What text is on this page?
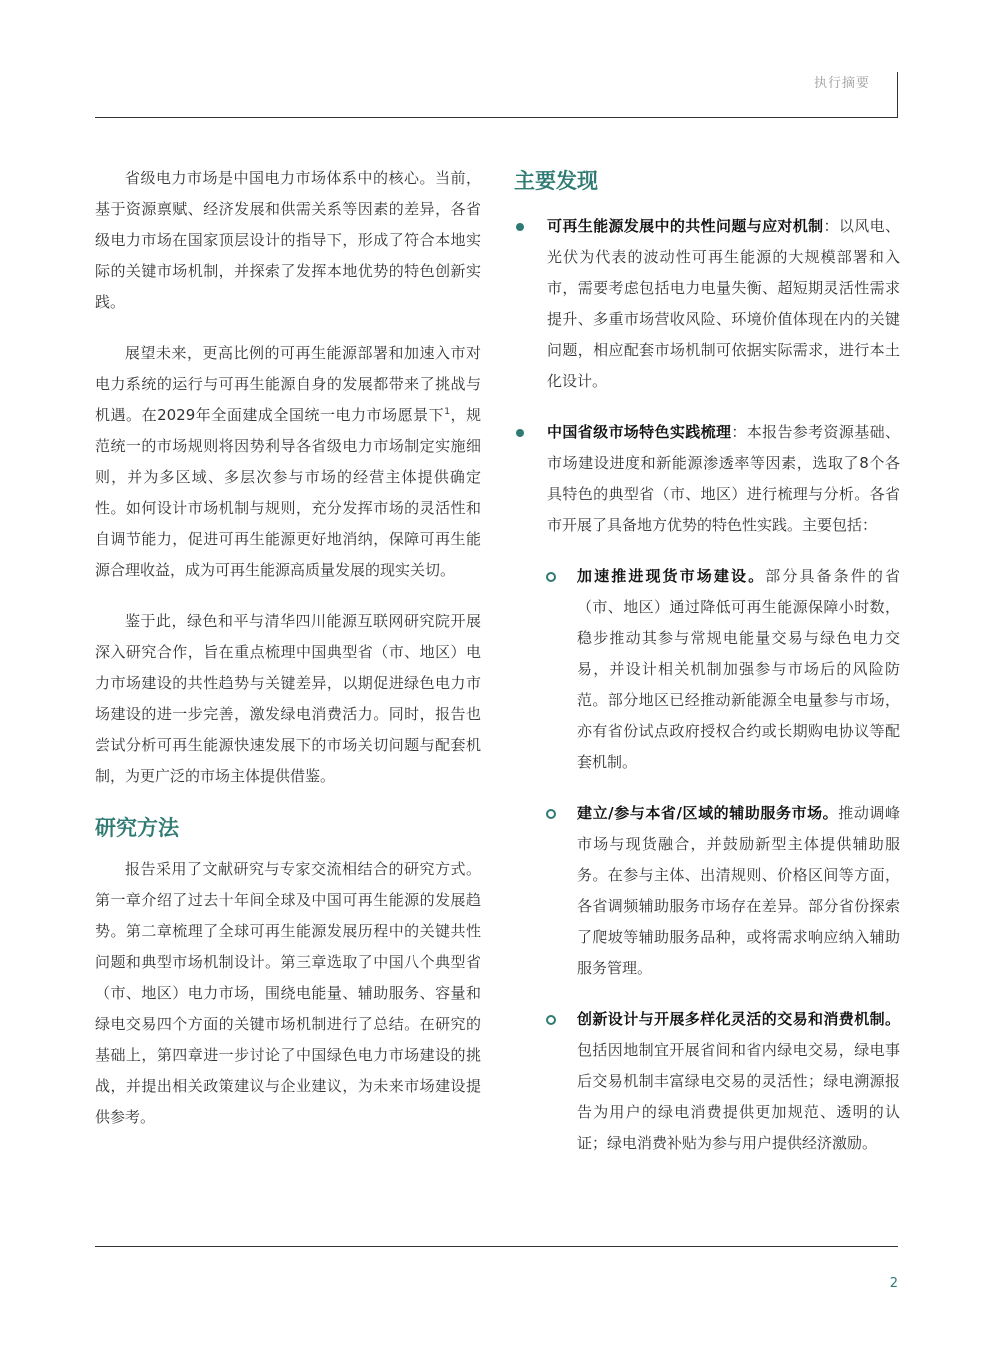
执行摘要

省级电力市场是中国电力市场体系中的核心。当前，基于资源禀赋、经济发展和供需关系等因素的差异，各省级电力市场在国家顶层设计的指导下，形成了符合本地实际的关键市场机制，并探索了发挥本地优势的特色创新实践。

展望未来，更高比例的可再生能源部署和加速入市对电力系统的运行与可再生能源自身的发展都带来了挑战与机遇。在2029年全面建成全国统一电力市场愿景下$^1$，规范统一的市场规则将因势利导各省级电力市场制定实施细则，并为多区域、多层次参与市场的经营主体提供确定性。如何设计市场机制与规则，充分发挥市场的灵活性和自调节能力，促进可再生能源更好地消纳，保障可再生能源合理收益，成为可再生能源高质量发展的现实关切。

鉴于此，绿色和平与清华四川能源互联网研究院开展深入研究合作，旨在重点梳理中国典型省（市、地区）电力市场建设的共性趋势与关键差异，以期促进绿色电力市场建设的进一步完善，激发绿电消费活力。同时，报告也尝试分析可再生能源快速发展下的市场关切问题与配套机制，为更广泛的市场主体提供借鉴。

研究方法

报告采用了文献研究与专家交流相结合的研究方式。第一章介绍了过去十年间全球及中国可再生能源的发展趋势。第二章梳理了全球可再生能源发展历程中的关键共性问题和典型市场机制设计。第三章选取了中国八个典型省（市、地区）电力市场，围绕电能量、辅助服务、容量和绿电交易四个方面的关键市场机制进行了总结。在研究的基础上，第四章进一步讨论了中国绿色电力市场建设的挑战，并提出相关政策建议与企业建议，为未来市场建设提供参考。

主要发现

可再生能源发展中的共性问题与应对机制：以风电、光伏为代表的波动性可再生能源的大规模部署和入市，需要考虑包括电力电量失衡、超短期灵活性需求提升、多重市场营收风险、环境价值体现在内的关键问题，相应配套市场机制可依据实际需求，进行本土化设计。

中国省级市场特色实践梳理：本报告参考资源基础、市场建设进度和新能源渗透率等因素，选取了8个各具特色的典型省（市、地区）进行梳理与分析。各省市开展了具备地方优势的特色性实践。主要包括：

加速推进现货市场建设。部分具备条件的省（市、地区）通过降低可再生能源保障小时数，稳步推动其参与常规电能量交易与绿色电力交易，并设计相关机制加强参与市场后的风险防范。部分地区已经推动新能源全电量参与市场，亦有省份试点政府授权合约或长期购电协议等配套机制。

建立/参与本省/区域的辅助服务市场。推动调峰市场与现货融合，并鼓励新型主体提供辅助服务。在参与主体、出清规则、价格区间等方面，各省调频辅助服务市场存在差异。部分省份探索了爬坡等辅助服务品种，或将需求响应纳入辅助服务管理。

创新设计与开展多样化灵活的交易和消费机制。包括因地制宜开展省间和省内绿电交易，绿电事后交易机制丰富绿电交易的灵活性；绿电溯源报告为用户的绿电消费提供更加规范、透明的认证；绿电消费补贴为参与用户提供经济激励。

2
